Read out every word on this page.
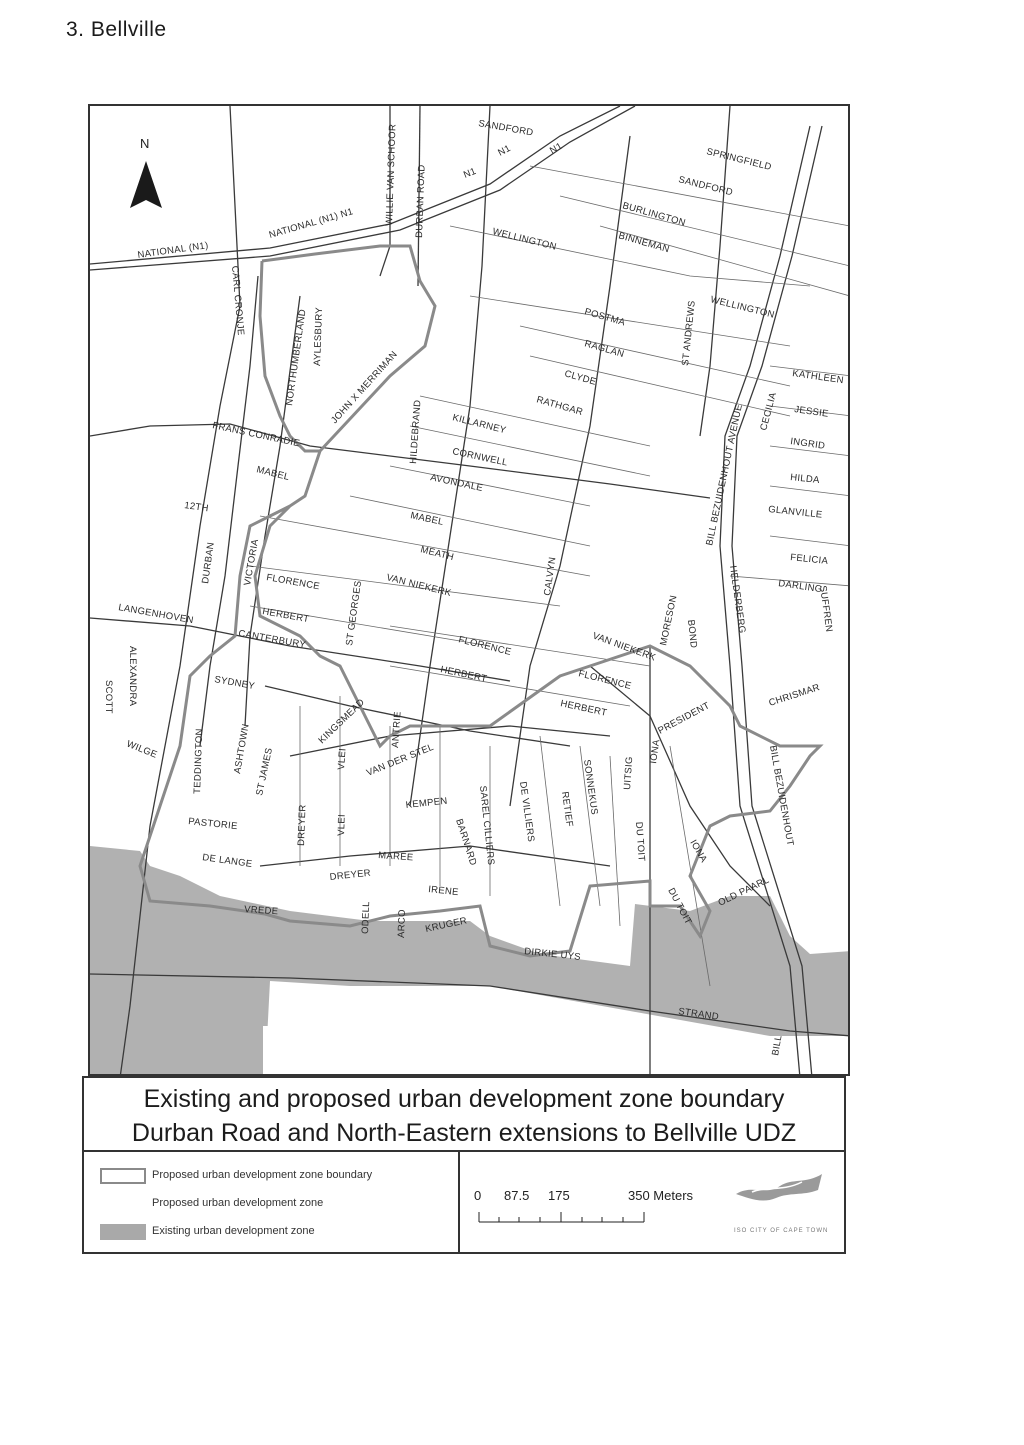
3. Bellville
N
NATIONAL (N1)
NATIONAL (N1) N1
N1
N1	N1
SANDFORD
SPRINGFIELD
SANDFORD
BURLINGTON
BINNEMAN
WELLINGTON
WELLINGTON
WILLIE VAN SCHOOR DURBAN ROAD
CARL CRONJE
AYLESBURY
NORTHUMBERLAND JOHN X MERRIMAN
FRANS CONRADIE	HILDEBRAND
POSTMA
RAGLAN
CLYDE
RATHGAR
KILLARNEY
CORNWELL
AVONDALE
MABEL
MABEL
ST ANDREWS
BILL BEZUIDENHOUT AVENUE CECILIA
KATHLEEN
JESSIE
INGRID
HILDA
GLANVILLE
FELICIA
DARLING
HELDERBERG	SUFFREN
12TH
DURBAN	VICTORIA FLORENCE
FLORENCE
FLORENCE
HERBERT
HERBERT
HERBERT
ST GEORGES
MEATH
VAN NIEKERK
VAN NIEKERK
CALVYN
MORESON BOND
LANGENHOVEN
CANTERBURY
SYDNEY
SCOTT ALEXANDRA
WILGE	TEDDINGTON	ASHTOWN ST JAMES
KINGSMEAD
VLEI
VLEI
VAN DER STEL
ANTRIE	PRESIDENT
IONA
IONA
CHRISMAR
BILL BEZUIDENHOUT
DREYER
DREYER
PASTORIE
KEMPEN	SAREL CILLIERS DE VILLIERS RETIEF SONNEKUS UITSIG
DU TOIT
DU TOIT
DE LANGE	MAREE	BARNARD
IRENE
VREDE	ODELL	ARCO KRUGER
DIRKIE UYS
OLD PAARL
STRAND
BILL
Existing and proposed urban development zone boundary
Durban Road and North-Eastern extensions to Bellville UDZ
Proposed urban development zone boundary
Proposed urban development zone
Existing urban development zone
0 87.5 175	350 Meters
ISO CITY OF CAPE TOWN
